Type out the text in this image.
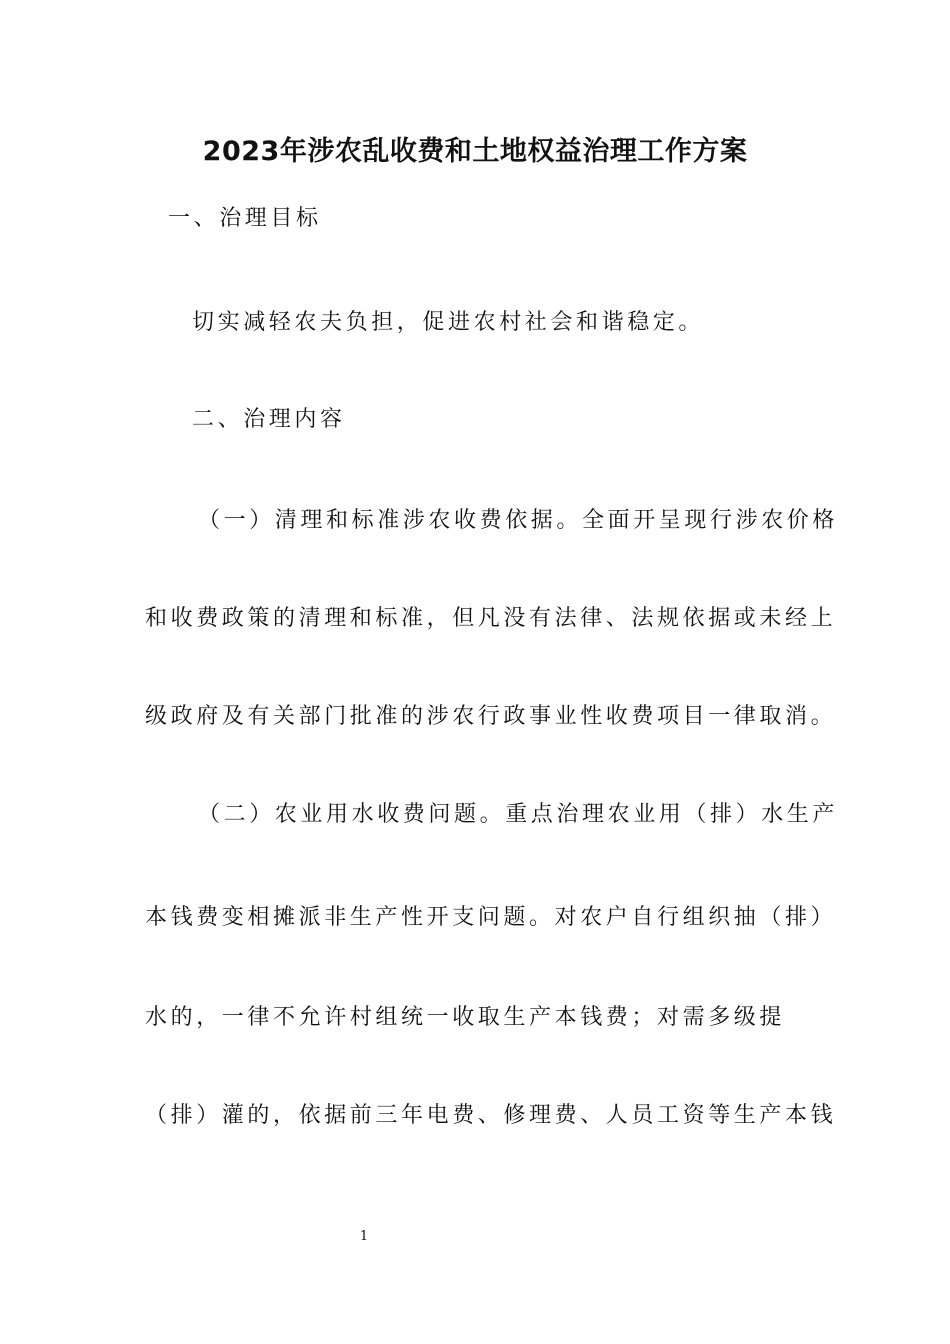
2023年涉农乱收费和土地权益治理工作方案
一、治理目标
切实减轻农夫负担，促进农村社会和谐稳定。
二、治理内容
（一）清理和标准涉农收费依据。全面开呈现行涉农价格
和收费政策的清理和标准，但凡没有法律、法规依据或未经上
级政府及有关部门批准的涉农行政事业性收费项目一律取消。
（二）农业用水收费问题。重点治理农业用（排）水生产
本钱费变相摊派非生产性开支问题。对农户自行组织抽（排）
水的，一律不允许村组统一收取生产本钱费；对需多级提
（排）灌的，依据前三年电费、修理费、人员工资等生产本钱
1
